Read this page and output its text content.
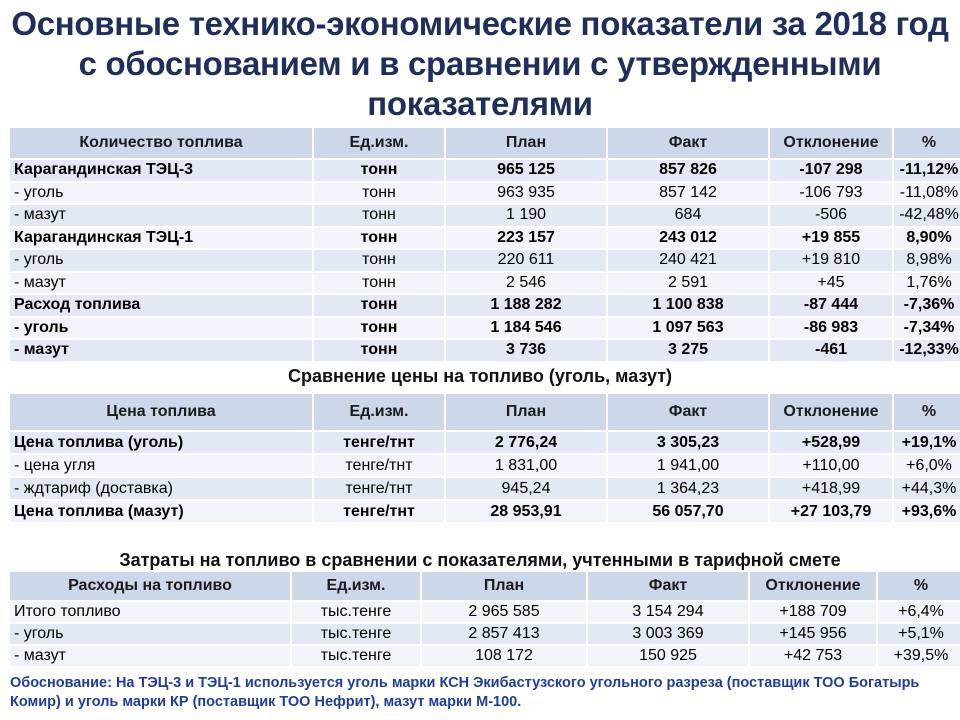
Основные технико-экономические показатели за 2018 год с обоснованием и в сравнении с утвержденными показателями
Количество топлива	Ед.изм.	План	Факт	Отклонение	%
Карагандинская ТЭЦ-3	тонн	965 125	857 826	-107 298	-11,12%
- уголь	тонн	963 935	857 142	-106 793	-11,08%
- мазут	тонн	1 190	684	-506	-42,48%
Карагандинская ТЭЦ-1	тонн	223 157	243 012	+19 855	8,90%
- уголь	тонн	220 611	240 421	+19 810	8,98%
- мазут	тонн	2 546	2 591	+45	1,76%
Расход топлива	тонн	1 188 282	1 100 838	-87 444	-7,36%
- уголь	тонн	1 184 546	1 097 563	-86 983	-7,34%
- мазут	тонн	3 736	3 275	-461	-12,33%
Сравнение цены на топливо (уголь, мазут)
Цена топлива	Ед.изм.	План	Факт	Отклонение	%
Цена топлива (уголь)	тенге/тнт	2 776,24	3 305,23	+528,99	+19,1%
- цена угля	тенге/тнт	1 831,00	1 941,00	+110,00	+6,0%
- ждтариф (доставка)	тенге/тнт	945,24	1 364,23	+418,99	+44,3%
Цена топлива (мазут)	тенге/тнт	28 953,91	56 057,70	+27 103,79	+93,6%
Затраты на топливо в сравнении с показателями, учтенными в тарифной смете
Расходы на топливо	Ед.изм.	План	Факт	Отклонение	%
Итого топливо	тыс.тенге	2 965 585	3 154 294	+188 709	+6,4%
- уголь	тыс.тенге	2 857 413	3 003 369	+145 956	+5,1%
- мазут	тыс.тенге	108 172	150 925	+42 753	+39,5%
Обоснование: На ТЭЦ-3 и ТЭЦ-1 используется уголь марки КСН Экибастузского угольного разреза (поставщик ТОО Богатырь Комир) и уголь марки КР (поставщик ТОО Нефрит), мазут марки М-100.
